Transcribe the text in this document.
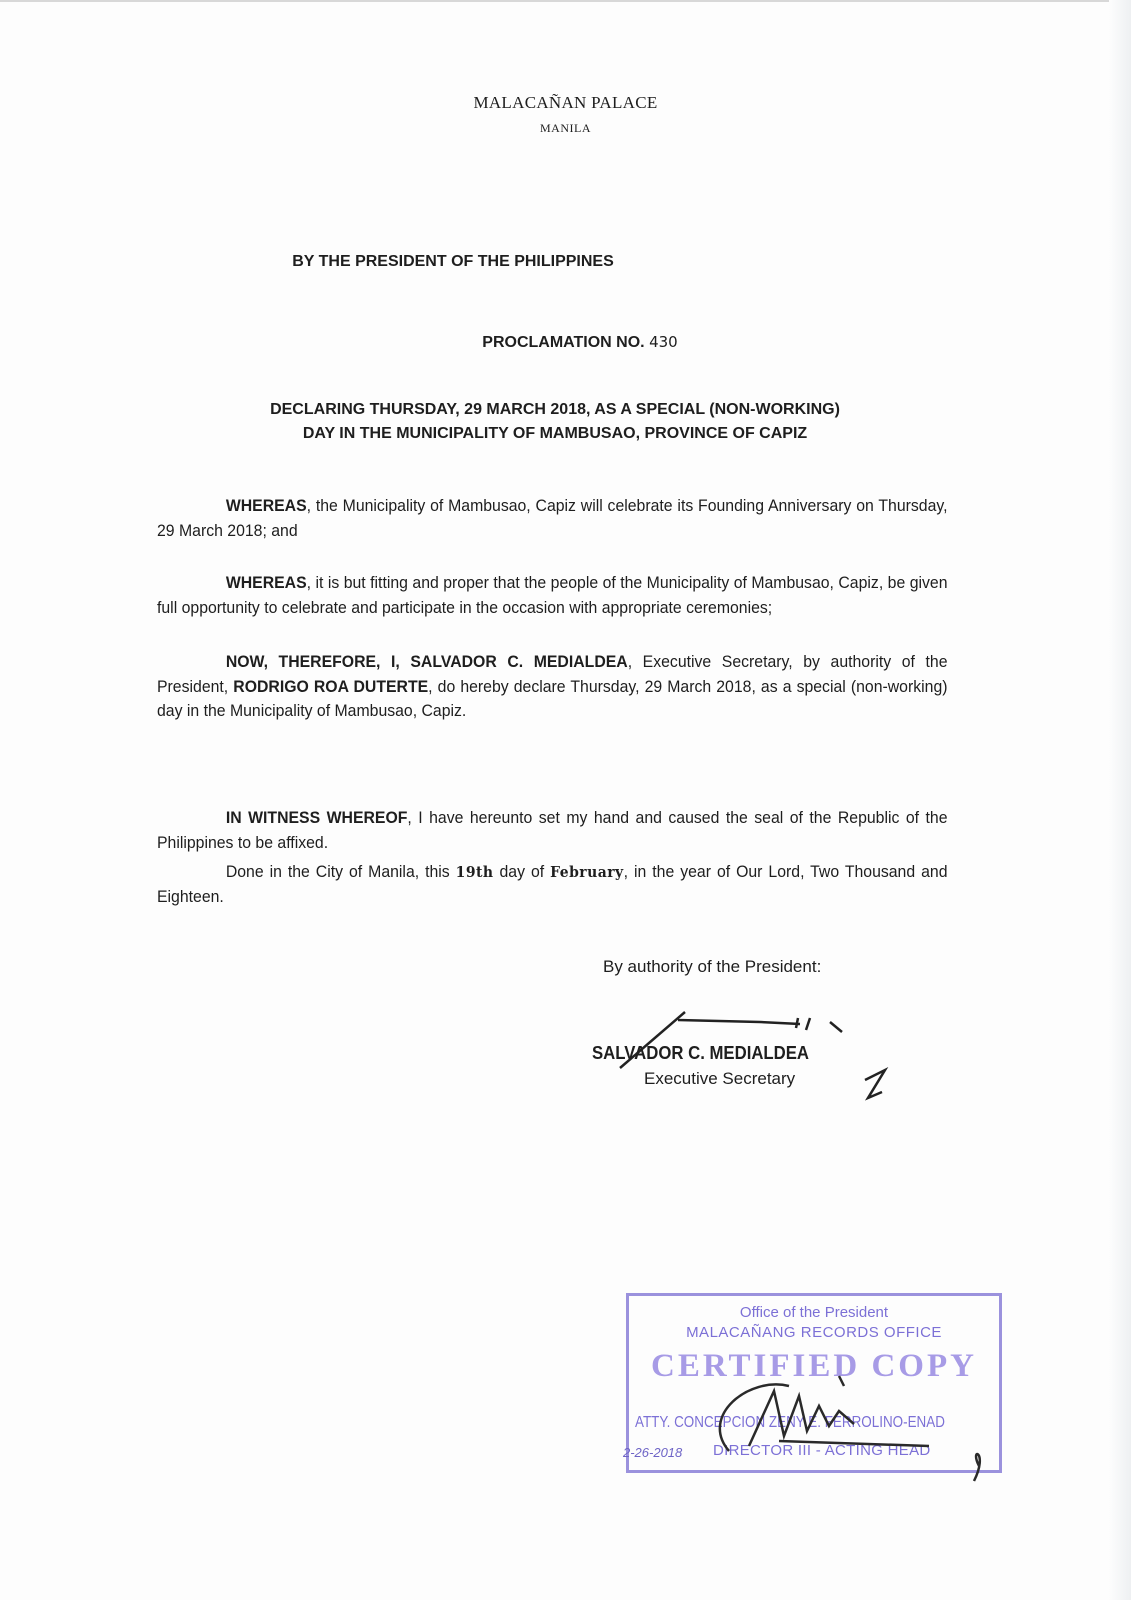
MALACAÑAN PALACE
MANILA
BY THE PRESIDENT OF THE PHILIPPINES
PROCLAMATION NO. 430
DECLARING THURSDAY, 29 MARCH 2018, AS A SPECIAL (NON-WORKING)
DAY IN THE MUNICIPALITY OF MAMBUSAO, PROVINCE OF CAPIZ
WHEREAS, the Municipality of Mambusao, Capiz will celebrate its Founding Anniversary on Thursday, 29 March 2018; and
WHEREAS, it is but fitting and proper that the people of the Municipality of Mambusao, Capiz, be given full opportunity to celebrate and participate in the occasion with appropriate ceremonies;
NOW, THEREFORE, I, SALVADOR C. MEDIALDEA, Executive Secretary, by authority of the President, RODRIGO ROA DUTERTE, do hereby declare Thursday, 29 March 2018, as a special (non-working) day in the Municipality of Mambusao, Capiz.
IN WITNESS WHEREOF, I have hereunto set my hand and caused the seal of the Republic of the Philippines to be affixed.
Done in the City of Manila, this 19th day of February, in the year of Our Lord, Two Thousand and Eighteen.
By authority of the President:
SALVADOR C. MEDIALDEA
Executive Secretary
Office of the President
MALACAÑANG RECORDS OFFICE
CERTIFIED COPY
ATTY. CONCEPCION ZENY E. FERROLINO-ENAD
DIRECTOR III - ACTING HEAD
2-26-2018
